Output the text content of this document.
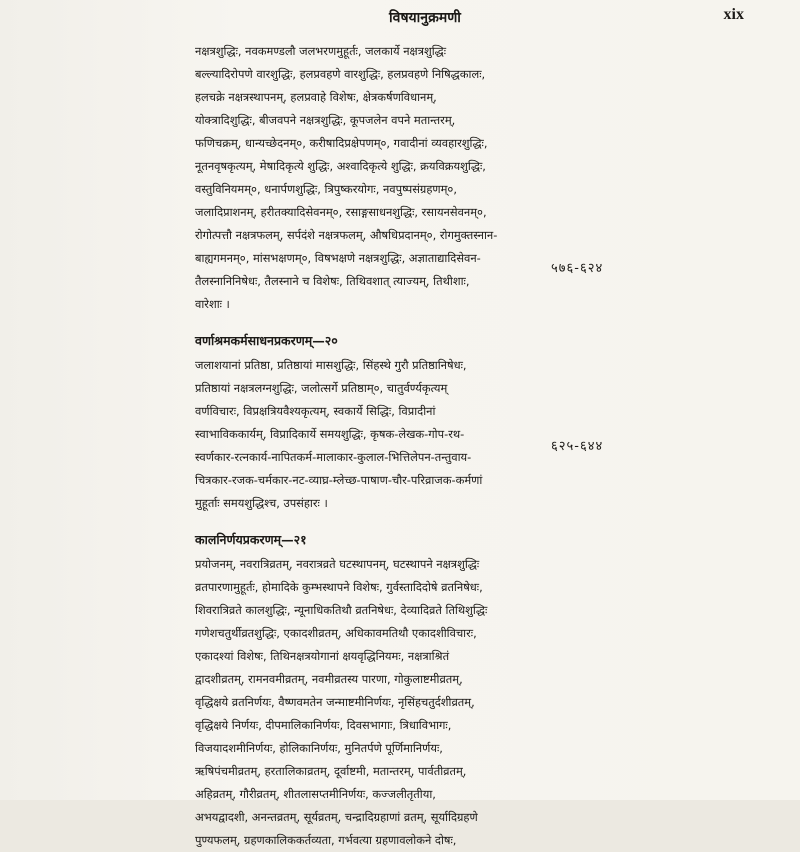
विषयानुक्रमणी	xix
नक्षत्रशुद्धिः, नवकमण्डलौ जलभरणमुहूर्तः, जलकार्ये नक्षत्रशुद्धिः
बल्ल्यादिरोपणे वारशुद्धिः, हलप्रवहणे वारशुद्धिः, हलप्रवहणे निषिद्धकालः,
हलचक्रे नक्षत्रस्थापनम्, हलप्रवाहे विशेषः, क्षेत्रकर्षणविधानम्,
योक्त्रादिशुद्धिः, बीजवपने नक्षत्रशुद्धिः, कूपजलेन वपने मतान्तरम्,
फणिचक्रम्, धान्यच्छेदनम्०, करीषादिप्रक्षेपणम्०, गवादीनां व्यवहारशुद्धिः,
नूतनवृषकृत्यम्, मेषादिकृत्ये शुद्धिः, अश्वादिकृत्ये शुद्धिः, क्रयविक्रयशुद्धिः,
वस्तुविनियमम्०, धनार्पणशुद्धिः, त्रिपुष्करयोगः, नवपुष्पसंग्रहणम्०,
जलादिप्राशनम्, हरीतक्यादिसेवनम्०, रसाङ्गसाधनशुद्धिः, रसायनसेवनम्०,
रोगोत्पत्तौ नक्षत्रफलम्, सर्पदंशे नक्षत्रफलम्, औषधिप्रदानम्०, रोगमुक्तस्नान-
बाह्यगमनम्०, मांसभक्षणम्०, विषभक्षणे नक्षत्रशुद्धिः, अज्ञाताद्यादिसेवन-
तैलस्नानिनिषेधः, तैलस्नाने च विशेषः, तिथिवशात् त्याज्यम्, तिथीशाः,
वारेशाः ।
वर्णाश्रमकर्मसाधनप्रकरणम्—२०
जलाशयानां प्रतिष्ठा, प्रतिष्ठायां मासशुद्धिः, सिंहस्थे गुरौ प्रतिष्ठानिषेधः,
प्रतिष्ठायां नक्षत्रलग्नशुद्धिः, जलोत्सर्गे प्रतिष्ठाम्०, चातुर्वर्ण्यकृत्यम्
वर्णविचारः, विप्रक्षत्रियवैश्यकृत्यम्, स्वकार्ये सिद्धिः, विप्रादीनां
स्वाभाविककार्यम्, विप्रादिकार्ये समयशुद्धिः, कृषक-लेखक-गोप-रथ-
स्वर्णकार-रत्नकार्य-नापितकर्म-मालाकार-कुलाल-भित्तिलेपन-तन्तुवाय-
चित्रकार-रजक-चर्मकार-नट-व्याघ्र-म्लेच्छ-पाषाण-चौर-परिव्राजक-कर्मणां
मुहूर्ताः समयशुद्धिश्च, उपसंहारः ।
कालनिर्णयप्रकरणम्—२१
प्रयोजनम्, नवरात्रिव्रतम्, नवरात्रव्रते घटस्थापनम्, घटस्थापने नक्षत्रशुद्धिः
व्रतपारणामुहूर्तः, होमादिके कुम्भस्थापने विशेषः, गुर्वस्तादिदोषे व्रतनिषेधः,
शिवरात्रिव्रते कालशुद्धिः, न्यूनाधिकतिथौ व्रतनिषेधः, देव्यादिव्रते तिथिशुद्धिः
गणेशचतुर्थीव्रतशुद्धिः, एकादशीव्रतम्, अधिकावमतिथौ एकादशीविचारः,
एकादश्यां विशेषः, तिथिनक्षत्रयोगानां क्षयवृद्धिनियमः, नक्षत्राश्रितं
द्वादशीव्रतम्, रामनवमीव्रतम्, नवमीव्रतस्य पारणा, गोकुलाष्टमीव्रतम्,
वृद्धिक्षये व्रतनिर्णयः, वैष्णवमतेन जन्माष्टमीनिर्णयः, नृसिंहचतुर्दशीव्रतम्,
वृद्धिक्षये निर्णयः, दीपमालिकानिर्णयः, दिवसभागाः, त्रिधाविभागः,
विजयादशमीनिर्णयः, होलिकानिर्णयः, मुनितर्पणे पूर्णिमानिर्णयः,
ऋषिपंचमीव्रतम्, हरतालिकाव्रतम्, दूर्वाष्टमी, मतान्तरम्, पार्वतीव्रतम्,
अहिव्रतम्, गौरीव्रतम्, शीतलासप्तमीनिर्णयः, कज्जलीतृतीया,
अभयद्वादशी, अनन्तव्रतम्, सूर्यव्रतम्, चन्द्रादिग्रहाणां व्रतम्, सूर्यादिग्रहणे
पुण्यफलम्, ग्रहणकालिककर्तव्यता, गर्भवत्या ग्रहणावलोकने दोषः,
५७६-६२४
६२५-६४४
